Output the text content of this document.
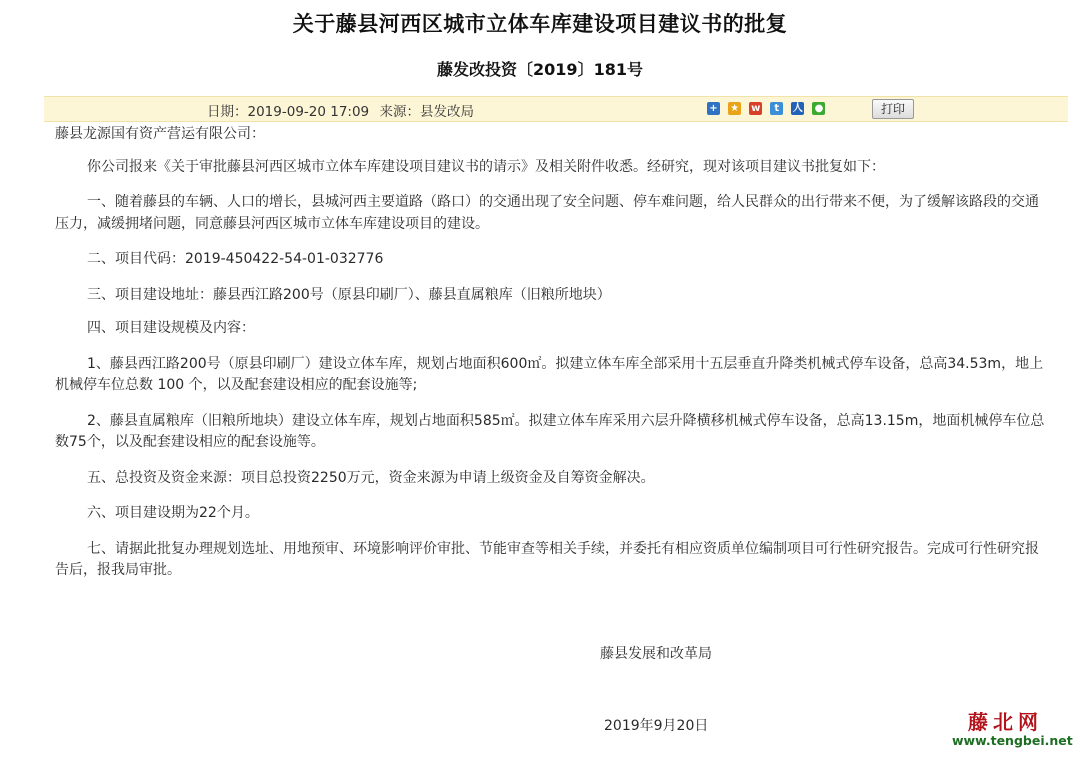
关于藤县河西区城市立体车库建设项目建议书的批复
藤发改投资〔2019〕181号
日期：2019-09-20 17:09 来源：县发改局	+ ★ w t 人 ●	打印

藤县龙源国有资产营运有限公司：

你公司报来《关于审批藤县河西区城市立体车库建设项目建议书的请示》及相关附件收悉。经研究，现对该项目建议书批复如下：

一、随着藤县的车辆、人口的增长，县城河西主要道路（路口）的交通出现了安全问题、停车难问题，给人民群众的出行带来不便，为了缓解该路段的交通压力，减缓拥堵问题，同意藤县河西区城市立体车库建设项目的建设。

二、项目代码：2019-450422-54-01-032776

三、项目建设地址：藤县西江路200号（原县印刷厂）、藤县直属粮库（旧粮所地块）

四、项目建设规模及内容：

1、藤县西江路200号（原县印刷厂）建设立体车库，规划占地面积600㎡。拟建立体车库全部采用十五层垂直升降类机械式停车设备，总高34.53m，地上机械停车位总数 100 个，以及配套建设相应的配套设施等;

2、藤县直属粮库（旧粮所地块）建设立体车库，规划占地面积585㎡。拟建立体车库采用六层升降横移机械式停车设备，总高13.15m，地面机械停车位总数75个，以及配套建设相应的配套设施等。

五、总投资及资金来源：项目总投资2250万元，资金来源为申请上级资金及自筹资金解决。

六、项目建设期为22个月。

七、请据此批复办理规划选址、用地预审、环境影响评价审批、节能审查等相关手续，并委托有相应资质单位编制项目可行性研究报告。完成可行性研究报告后，报我局审批。

藤县发展和改革局
2019年9月20日	藤北网
www.tengbei.net
